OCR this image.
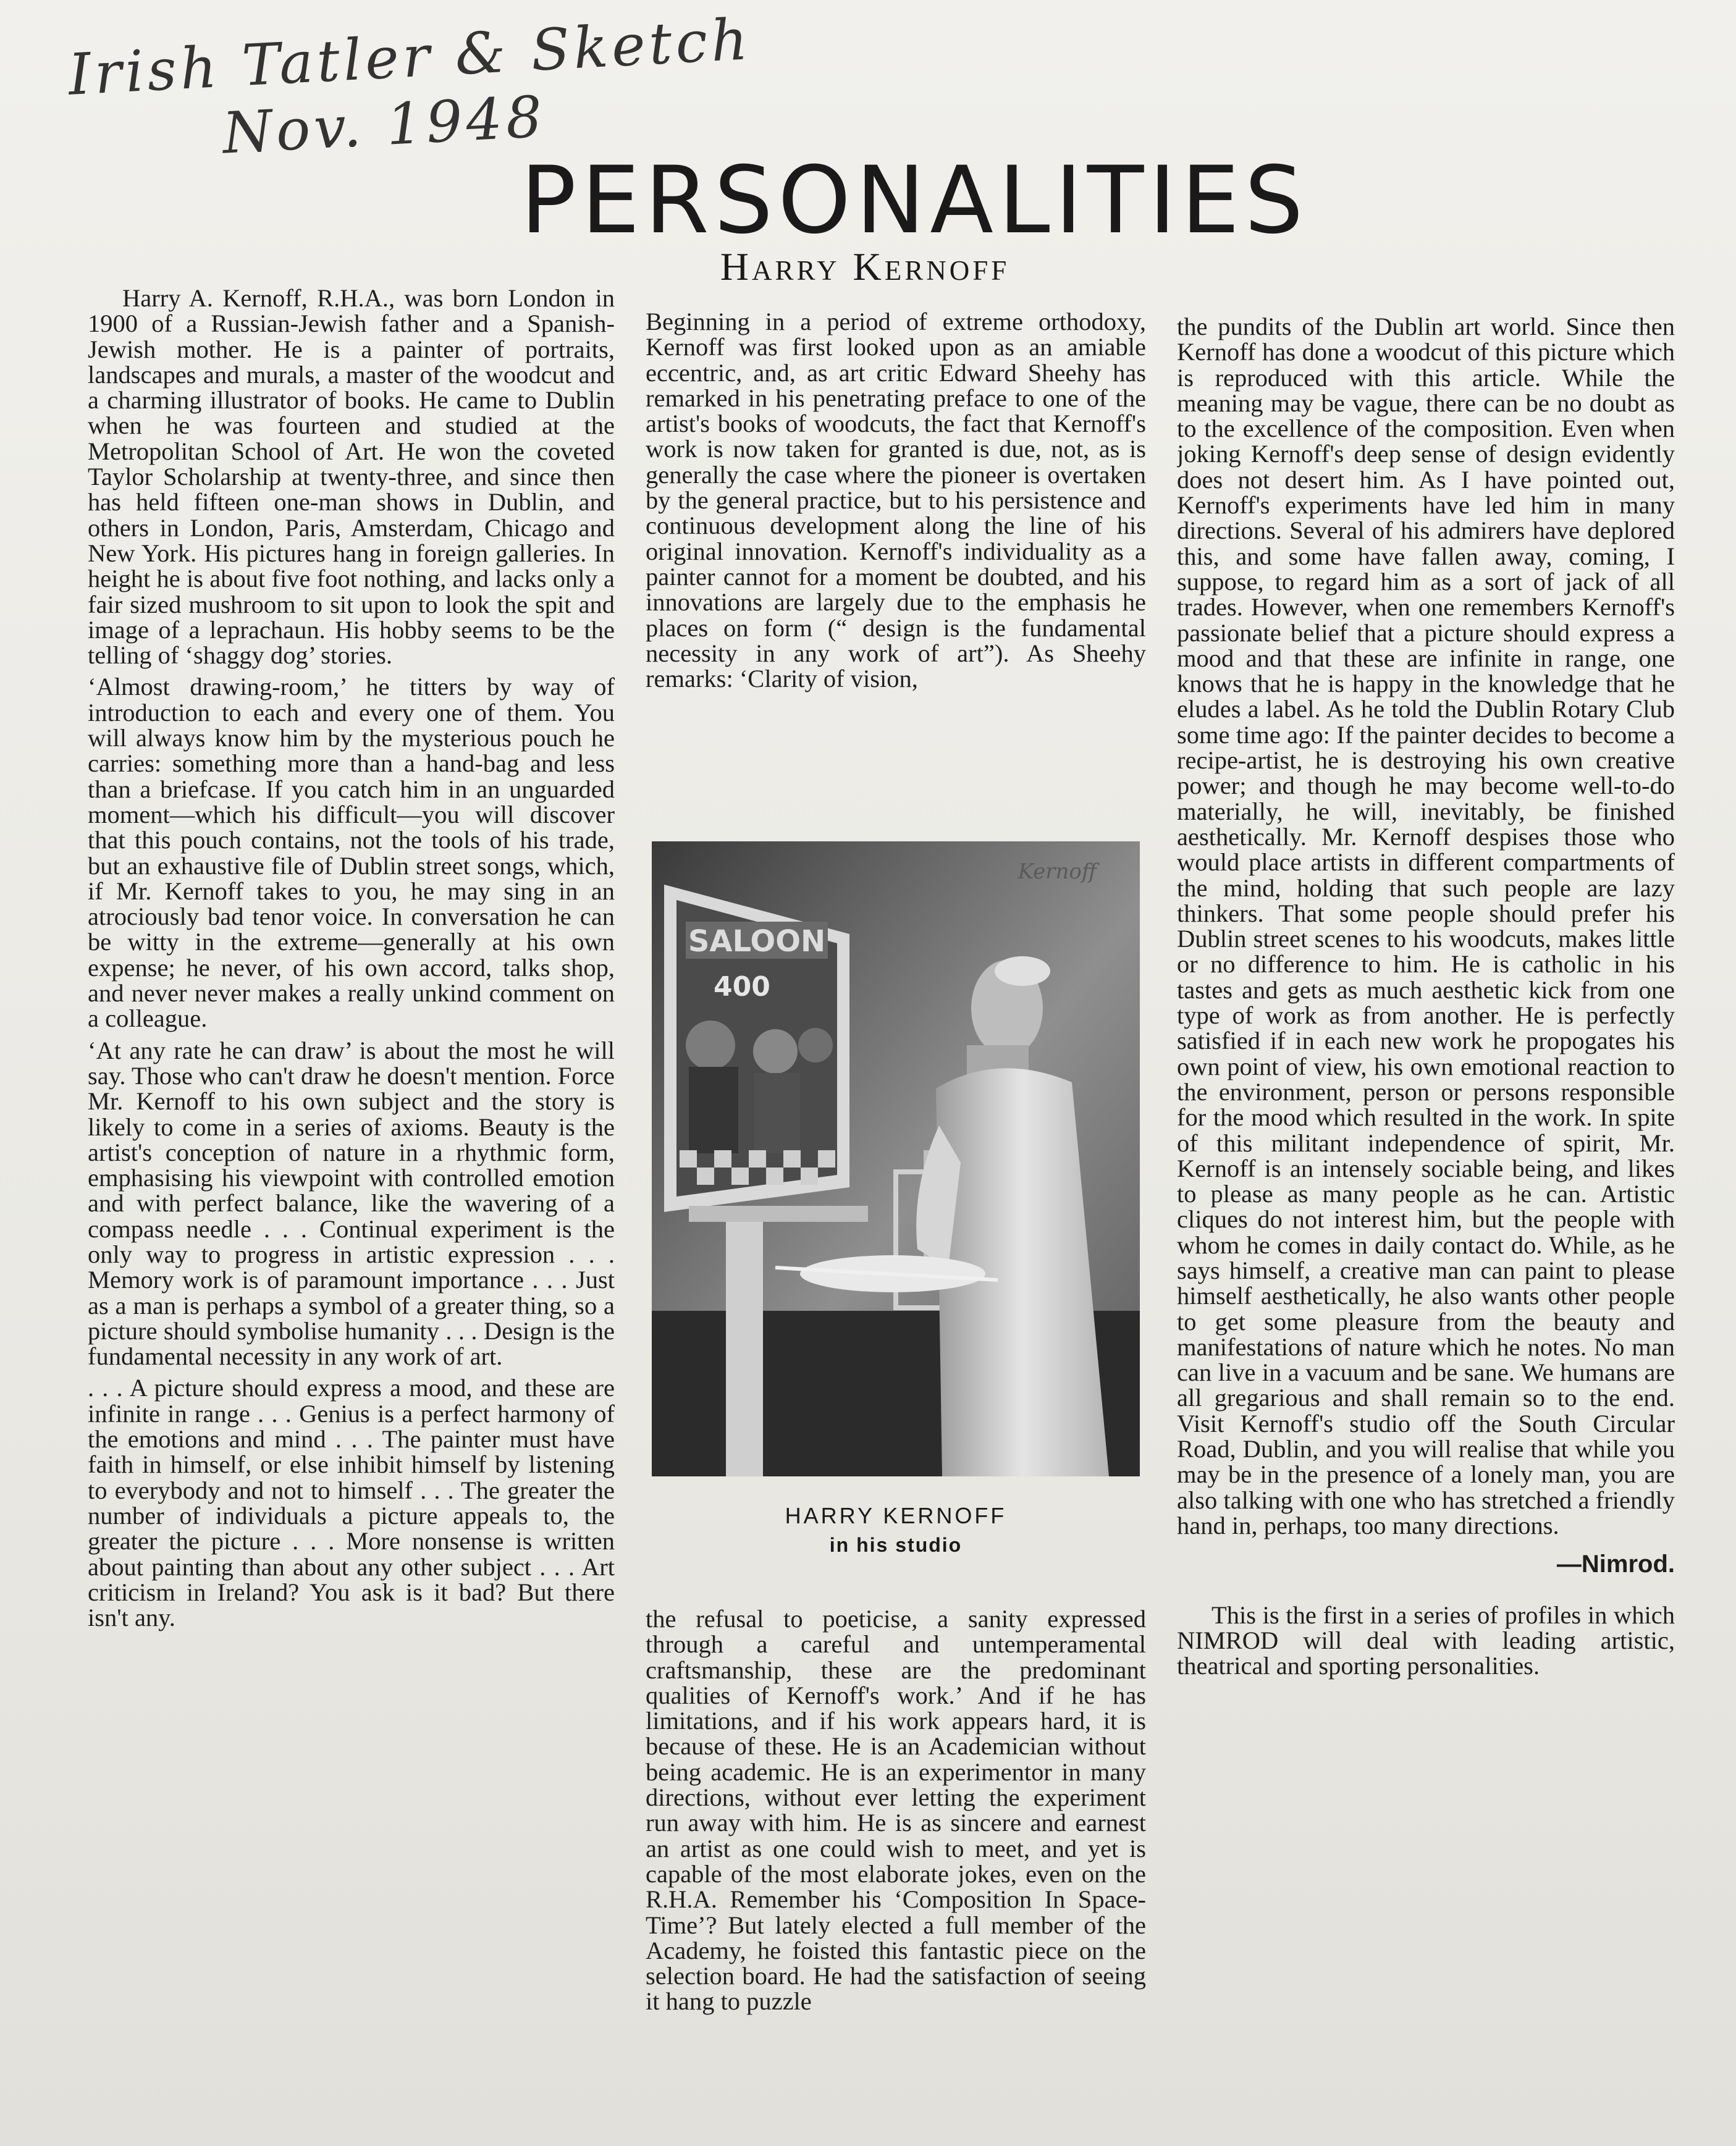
Irish Tatler & Sketch
Nov. 1948
PERSONALITIES
Harry Kernoff

Harry A. Kernoff, R.H.A., was born London in 1900 of a Russian-Jewish father and a Spanish-Jewish mother. He is a painter of portraits, landscapes and murals, a master of the woodcut and a charming illustrator of books. He came to Dublin when he was fourteen and studied at the Metropolitan School of Art. He won the coveted Taylor Scholarship at twenty-three, and since then has held fifteen one-man shows in Dublin, and others in London, Paris, Amsterdam, Chicago and New York. His pictures hang in foreign galleries. In height he is about five foot nothing, and lacks only a fair sized mushroom to sit upon to look the spit and image of a leprachaun. His hobby seems to be the telling of ‘shaggy dog’ stories.

‘Almost drawing-room,’ he titters by way of introduction to each and every one of them. You will always know him by the mysterious pouch he carries: something more than a hand-bag and less than a briefcase. If you catch him in an unguarded moment—which his difficult—you will discover that this pouch contains, not the tools of his trade, but an exhaustive file of Dublin street songs, which, if Mr. Kernoff takes to you, he may sing in an atrociously bad tenor voice. In conversation he can be witty in the extreme—generally at his own expense; he never, of his own accord, talks shop, and never never makes a really unkind comment on a colleague.

‘At any rate he can draw’ is about the most he will say. Those who can't draw he doesn't mention. Force Mr. Kernoff to his own subject and the story is likely to come in a series of axioms. Beauty is the artist's conception of nature in a rhythmic form, emphasising his viewpoint with controlled emotion and with perfect balance, like the wavering of a compass needle . . . Continual experiment is the only way to progress in artistic expression . . . Memory work is of paramount importance . . . Just as a man is perhaps a symbol of a greater thing, so a picture should symbolise humanity . . . Design is the fundamental necessity in any work of art.

. . . A picture should express a mood, and these are infinite in range . . . Genius is a perfect harmony of the emotions and mind . . . The painter must have faith in himself, or else inhibit himself by listening to everybody and not to himself . . . The greater the number of individuals a picture appeals to, the greater the picture . . . More nonsense is written about painting than about any other subject . . . Art criticism in Ireland? You ask is it bad? But there isn't any.

Beginning in a period of extreme orthodoxy, Kernoff was first looked upon as an amiable eccentric, and, as art critic Edward Sheehy has remarked in his penetrating preface to one of the artist's books of woodcuts, the fact that Kernoff's work is now taken for granted is due, not, as is generally the case where the pioneer is overtaken by the general practice, but to his persistence and continuous development along the line of his original innovation. Kernoff's individuality as a painter cannot for a moment be doubted, and his innovations are largely due to the emphasis he places on form (“ design is the fundamental necessity in any work of art”). As Sheehy remarks: ‘Clarity of vision,

SALOON
400
Kernoff
HARRY KERNOFF
in his studio

the refusal to poeticise, a sanity expressed through a careful and untemperamental craftsmanship, these are the predominant qualities of Kernoff's work.’ And if he has limitations, and if his work appears hard, it is because of these. He is an Academician without being academic. He is an experimentor in many directions, without ever letting the experiment run away with him. He is as sincere and earnest an artist as one could wish to meet, and yet is capable of the most elaborate jokes, even on the R.H.A. Remember his ‘Composition In Space-Time’? But lately elected a full member of the Academy, he foisted this fantastic piece on the selection board. He had the satisfaction of seeing it hang to puzzle

the pundits of the Dublin art world. Since then Kernoff has done a woodcut of this picture which is reproduced with this article. While the meaning may be vague, there can be no doubt as to the excellence of the composition. Even when joking Kernoff's deep sense of design evidently does not desert him. As I have pointed out, Kernoff's experiments have led him in many directions. Several of his admirers have deplored this, and some have fallen away, coming, I suppose, to regard him as a sort of jack of all trades. However, when one remembers Kernoff's passionate belief that a picture should express a mood and that these are infinite in range, one knows that he is happy in the knowledge that he eludes a label. As he told the Dublin Rotary Club some time ago: If the painter decides to become a recipe-artist, he is destroying his own creative power; and though he may become well-to-do materially, he will, inevitably, be finished aesthetically. Mr. Kernoff despises those who would place artists in different compartments of the mind, holding that such people are lazy thinkers. That some people should prefer his Dublin street scenes to his woodcuts, makes little or no difference to him. He is catholic in his tastes and gets as much aesthetic kick from one type of work as from another. He is perfectly satisfied if in each new work he propogates his own point of view, his own emotional reaction to the environment, person or persons responsible for the mood which resulted in the work. In spite of this militant independence of spirit, Mr. Kernoff is an intensely sociable being, and likes to please as many people as he can. Artistic cliques do not interest him, but the people with whom he comes in daily contact do. While, as he says himself, a creative man can paint to please himself aesthetically, he also wants other people to get some pleasure from the beauty and manifestations of nature which he notes. No man can live in a vacuum and be sane. We humans are all gregarious and shall remain so to the end. Visit Kernoff's studio off the South Circular Road, Dublin, and you will realise that while you may be in the presence of a lonely man, you are also talking with one who has stretched a friendly hand in, perhaps, too many directions.

—Nimrod.

This is the first in a series of profiles in which NIMROD will deal with leading artistic, theatrical and sporting personalities.
